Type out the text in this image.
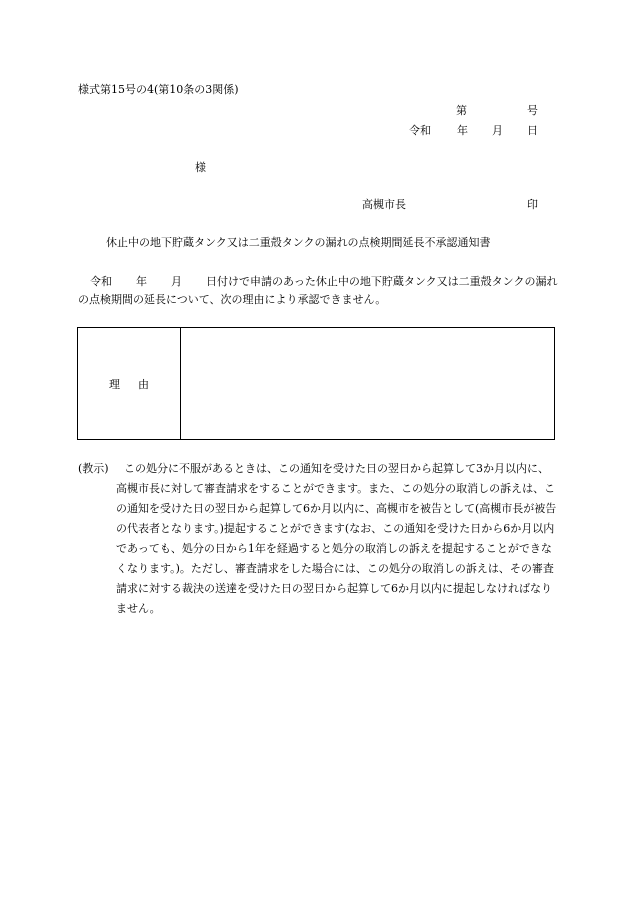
様式第15号の4(第10条の3関係)
第	号
令和 年 月 日
様
高槻市長	印
休止中の地下貯蔵タンク又は二重殻タンクの漏れの点検期間延長不承認通知書
令和 年 月 日付けで申請のあった休止中の地下貯蔵タンク又は二重殻タンクの漏れの点検期間の延長について、次の理由により承認できません。
理由
(教示)	この処分に不服があるときは、この通知を受けた日の翌日から起算して3か月以内に、高槻市長に対して審査請求をすることができます。また、この処分の取消しの訴えは、この通知を受けた日の翌日から起算して6か月以内に、高槻市を被告として(高槻市長が被告の代表者となります。)提起することができます(なお、この通知を受けた日から6か月以内であっても、処分の日から1年を経過すると処分の取消しの訴えを提起することができなくなります。)。ただし、審査請求をした場合には、この処分の取消しの訴えは、その審査請求に対する裁決の送達を受けた日の翌日から起算して6か月以内に提起しなければなりません。
